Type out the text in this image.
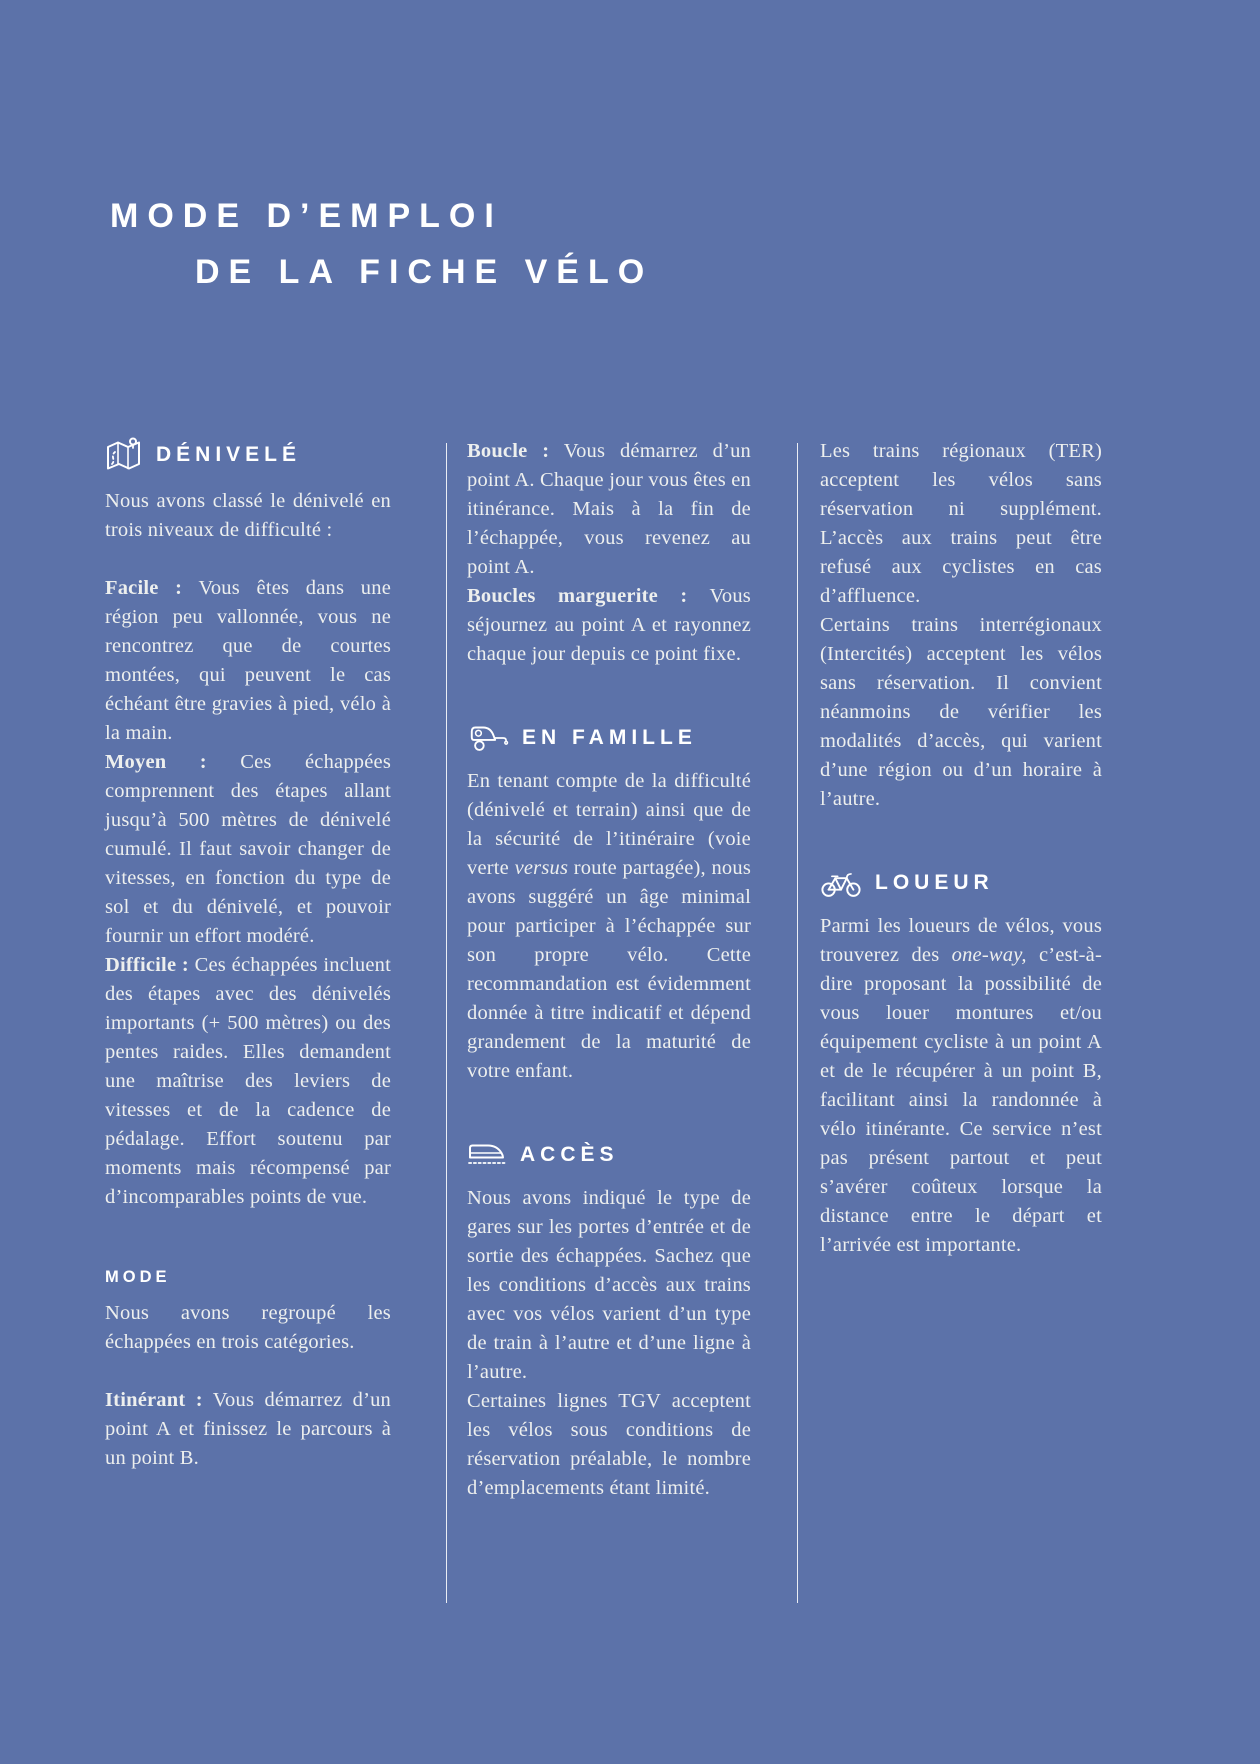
MODE D’EMPLOI
DE LA FICHE VÉLO
DÉNIVELÉ

Nous avons classé le dénivelé en trois niveaux de difficulté :

Facile : Vous êtes dans une région peu vallonnée, vous ne rencontrez que de courtes montées, qui peuvent le cas échéant être gravies à pied, vélo à la main.

Moyen : Ces échappées comprennent des étapes allant jusqu’à 500 mètres de dénivelé cumulé. Il faut savoir changer de vitesses, en fonction du type de sol et du dénivelé, et pouvoir fournir un effort modéré.

Difficile : Ces échappées incluent des étapes avec des dénivelés importants (+ 500 mètres) ou des pentes raides. Elles demandent une maîtrise des leviers de vitesses et de la cadence de pédalage. Effort soutenu par moments mais récompensé par d’incomparables points de vue.

MODE

Nous avons regroupé les échappées en trois catégories.

Itinérant : Vous démarrez d’un point A et finissez le parcours à un point B.

Boucle : Vous démarrez d’un point A. Chaque jour vous êtes en itinérance. Mais à la fin de l’échappée, vous revenez au point A.

Boucles marguerite : Vous séjournez au point A et rayonnez chaque jour depuis ce point fixe.

EN FAMILLE

En tenant compte de la difficulté (dénivelé et terrain) ainsi que de la sécurité de l’itinéraire (voie verte versus route partagée), nous avons suggéré un âge minimal pour participer à l’échappée sur son propre vélo. Cette recommandation est évidemment donnée à titre indicatif et dépend grandement de la maturité de votre enfant.

ACCÈS

Nous avons indiqué le type de gares sur les portes d’entrée et de sortie des échappées. Sachez que les conditions d’accès aux trains avec vos vélos varient d’un type de train à l’autre et d’une ligne à l’autre.

Certaines lignes TGV acceptent les vélos sous conditions de réservation préalable, le nombre d’emplacements étant limité.

Les trains régionaux (TER) acceptent les vélos sans réservation ni supplément. L’accès aux trains peut être refusé aux cyclistes en cas d’affluence.

Certains trains interrégionaux (Intercités) acceptent les vélos sans réservation. Il convient néanmoins de vérifier les modalités d’accès, qui varient d’une région ou d’un horaire à l’autre.

LOUEUR

Parmi les loueurs de vélos, vous trouverez des one-way, c’est-à-dire proposant la possibilité de vous louer montures et/ou équipement cycliste à un point A et de le récupérer à un point B, facilitant ainsi la randonnée à vélo itinérante. Ce service n’est pas présent partout et peut s’avérer coûteux lorsque la distance entre le départ et l’arrivée est importante.
